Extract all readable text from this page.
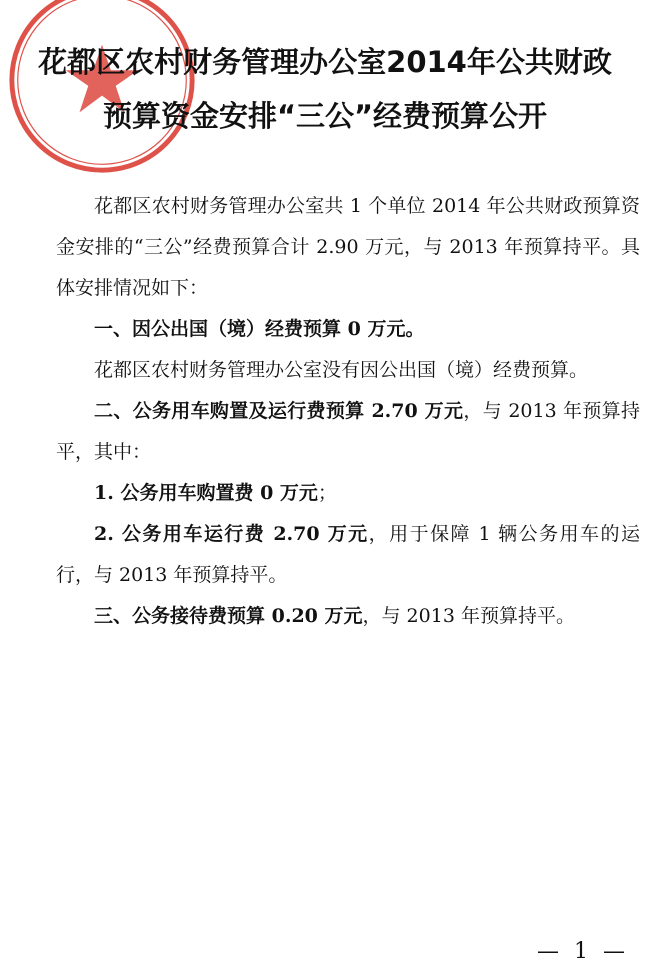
花都区农村财务管理办公室2014年公共财政
预算资金安排“三公”经费预算公开

花都区农村财务管理办公室共 1 个单位 2014 年公共财政预算资金安排的“三公”经费预算合计 2.90 万元，与 2013 年预算持平。具体安排情况如下：

一、因公出国（境）经费预算 0 万元。

花都区农村财务管理办公室没有因公出国（境）经费预算。

二、公务用车购置及运行费预算 2.70 万元，与 2013 年预算持平，其中：

1. 公务用车购置费 0 万元；

2. 公务用车运行费 2.70 万元，用于保障 1 辆公务用车的运行，与 2013 年预算持平。

三、公务接待费预算 0.20 万元，与 2013 年预算持平。

— 1 —
